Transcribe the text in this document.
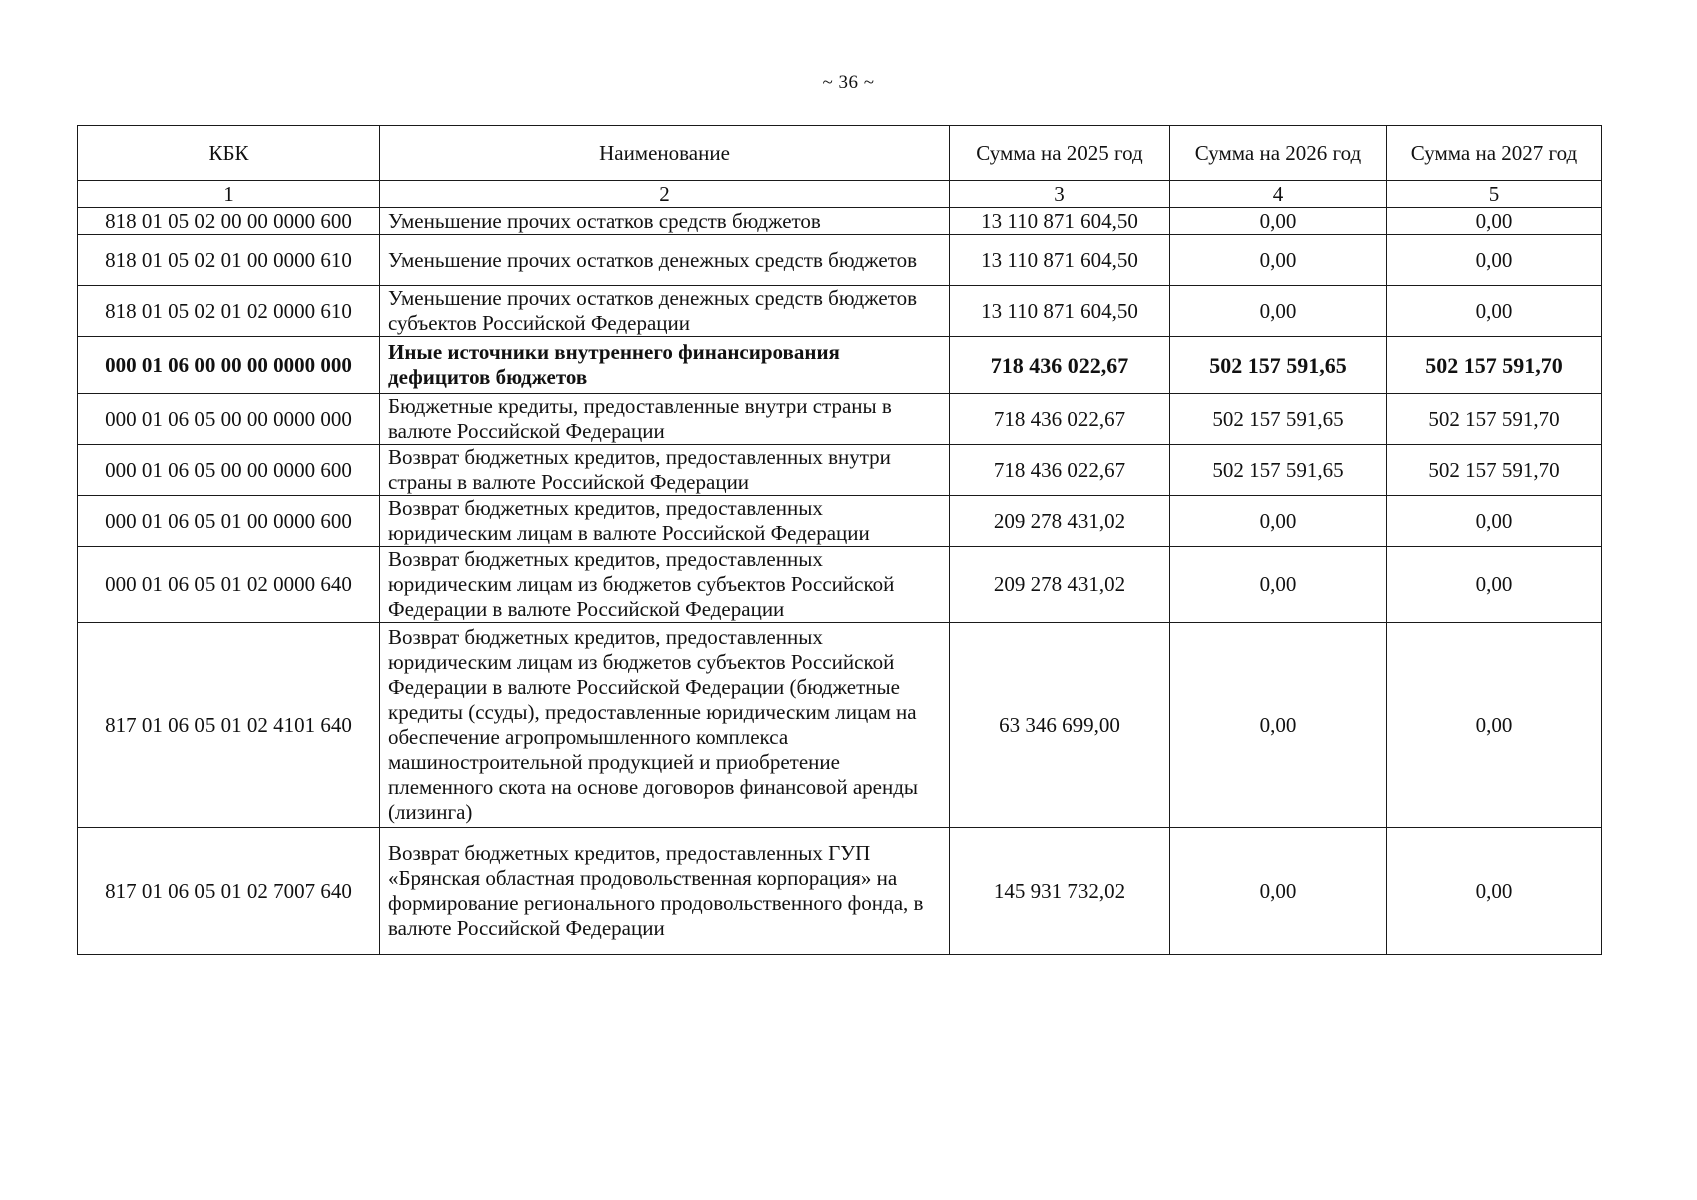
~ 36 ~
КБК	Наименование	Сумма на 2025 год	Сумма на 2026 год	Сумма на 2027 год
1	2	3	4	5
818 01 05 02 00 00 0000 600	Уменьшение прочих остатков средств бюджетов	13 110 871 604,50	0,00	0,00
818 01 05 02 01 00 0000 610	Уменьшение прочих остатков денежных средств бюджетов	13 110 871 604,50	0,00	0,00
818 01 05 02 01 02 0000 610	Уменьшение прочих остатков денежных средств бюджетов субъектов Российской Федерации	13 110 871 604,50	0,00	0,00
000 01 06 00 00 00 0000 000	Иные источники внутреннего финансирования дефицитов бюджетов	718 436 022,67	502 157 591,65	502 157 591,70
000 01 06 05 00 00 0000 000	Бюджетные кредиты, предоставленные внутри страны в валюте Российской Федерации	718 436 022,67	502 157 591,65	502 157 591,70
000 01 06 05 00 00 0000 600	Возврат бюджетных кредитов, предоставленных внутри страны в валюте Российской Федерации	718 436 022,67	502 157 591,65	502 157 591,70
000 01 06 05 01 00 0000 600	Возврат бюджетных кредитов, предоставленных юридическим лицам в валюте Российской Федерации	209 278 431,02	0,00	0,00
000 01 06 05 01 02 0000 640	Возврат бюджетных кредитов, предоставленных юридическим лицам из бюджетов субъектов Российской Федерации в валюте Российской Федерации	209 278 431,02	0,00	0,00
817 01 06 05 01 02 4101 640	Возврат бюджетных кредитов, предоставленных юридическим лицам из бюджетов субъектов Российской Федерации в валюте Российской Федерации (бюджетные кредиты (ссуды), предоставленные юридическим лицам на обеспечение агропромышленного комплекса машиностроительной продукцией и приобретение племенного скота на основе договоров финансовой аренды (лизинга)	63 346 699,00	0,00	0,00
817 01 06 05 01 02 7007 640	Возврат бюджетных кредитов, предоставленных ГУП «Брянская областная продовольственная корпорация» на формирование регионального продовольственного фонда, в валюте Российской Федерации	145 931 732,02	0,00	0,00
